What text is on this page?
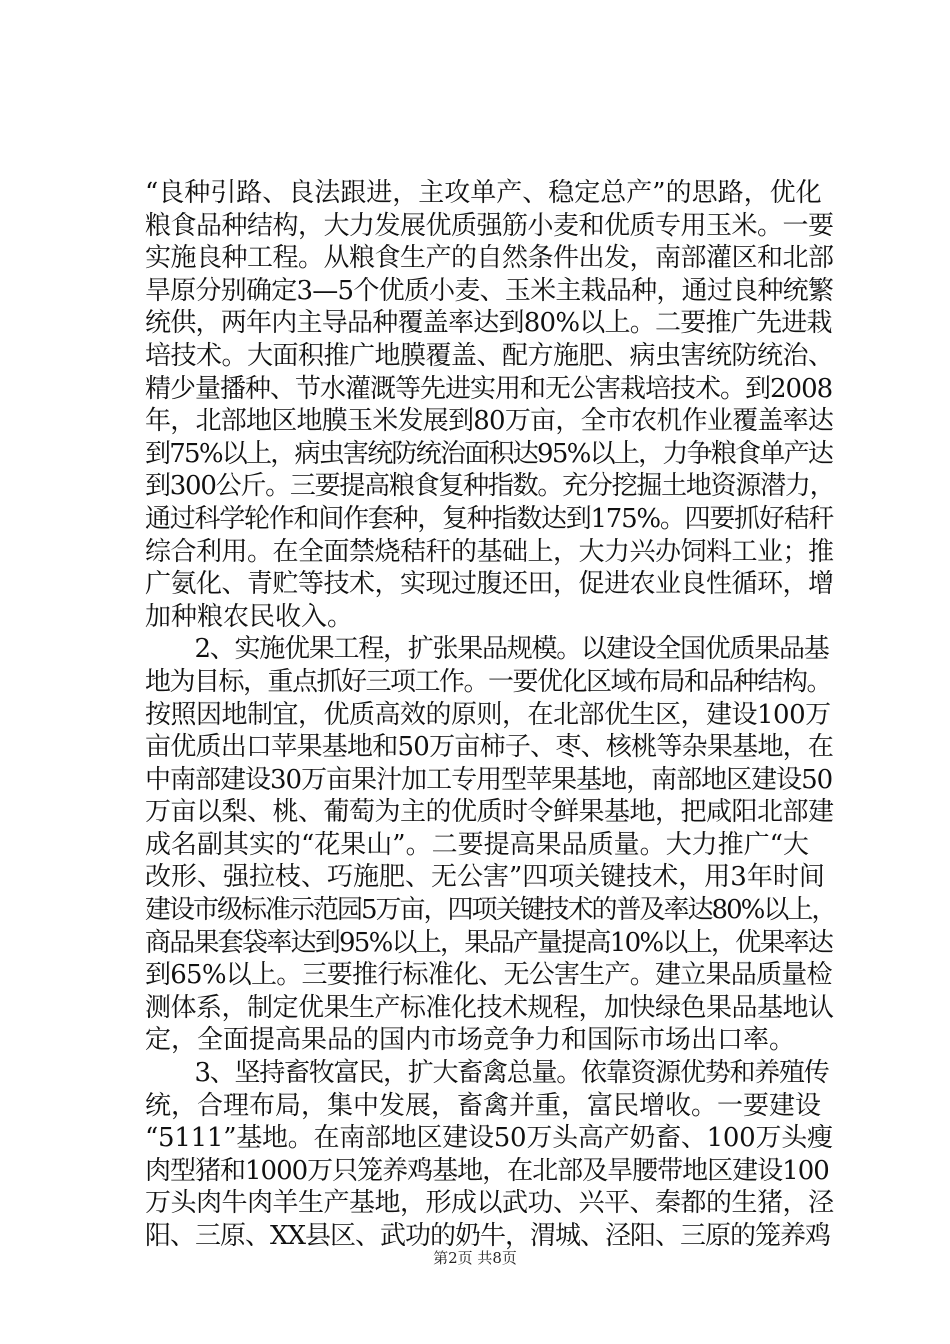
“良种引路、良法跟进，主攻单产、稳定总产”的思路，优化
粮食品种结构，大力发展优质强筋小麦和优质专用玉米。一要
实施良种工程。从粮食生产的自然条件出发，南部灌区和北部
旱原分别确定3—5个优质小麦、玉米主栽品种，通过良种统繁
统供，两年内主导品种覆盖率达到80%以上。二要推广先进栽
培技术。大面积推广地膜覆盖、配方施肥、病虫害统防统治、
精少量播种、节水灌溉等先进实用和无公害栽培技术。到2008
年，北部地区地膜玉米发展到80万亩，全市农机作业覆盖率达
到75%以上，病虫害统防统治面积达95%以上，力争粮食单产达
到300公斤。三要提高粮食复种指数。充分挖掘土地资源潜力，
通过科学轮作和间作套种，复种指数达到175%。四要抓好秸秆
综合利用。在全面禁烧秸秆的基础上，大力兴办饲料工业；推
广氨化、青贮等技术，实现过腹还田，促进农业良性循环，增
加种粮农民收入。
　　2、实施优果工程，扩张果品规模。以建设全国优质果品基
地为目标，重点抓好三项工作。一要优化区域布局和品种结构。
按照因地制宜，优质高效的原则，在北部优生区，建设100万
亩优质出口苹果基地和50万亩柿子、枣、核桃等杂果基地，在
中南部建设30万亩果汁加工专用型苹果基地，南部地区建设50
万亩以梨、桃、葡萄为主的优质时令鲜果基地，把咸阳北部建
成名副其实的“花果山”。二要提高果品质量。大力推广“大
改形、强拉枝、巧施肥、无公害”四项关键技术，用3年时间
建设市级标准示范园5万亩，四项关键技术的普及率达80%以上，
商品果套袋率达到95%以上，果品产量提高10%以上，优果率达
到65%以上。三要推行标准化、无公害生产。建立果品质量检
测体系，制定优果生产标准化技术规程，加快绿色果品基地认
定，全面提高果品的国内市场竞争力和国际市场出口率。
　　3、坚持畜牧富民，扩大畜禽总量。依靠资源优势和养殖传
统，合理布局，集中发展，畜禽并重，富民增收。一要建设
“5111”基地。在南部地区建设50万头高产奶畜、100万头瘦
肉型猪和1000万只笼养鸡基地，在北部及旱腰带地区建设100
万头肉牛肉羊生产基地，形成以武功、兴平、秦都的生猪，泾
阳、三原、XX县区、武功的奶牛，渭城、泾阳、三原的笼养鸡
第2页 共8页
